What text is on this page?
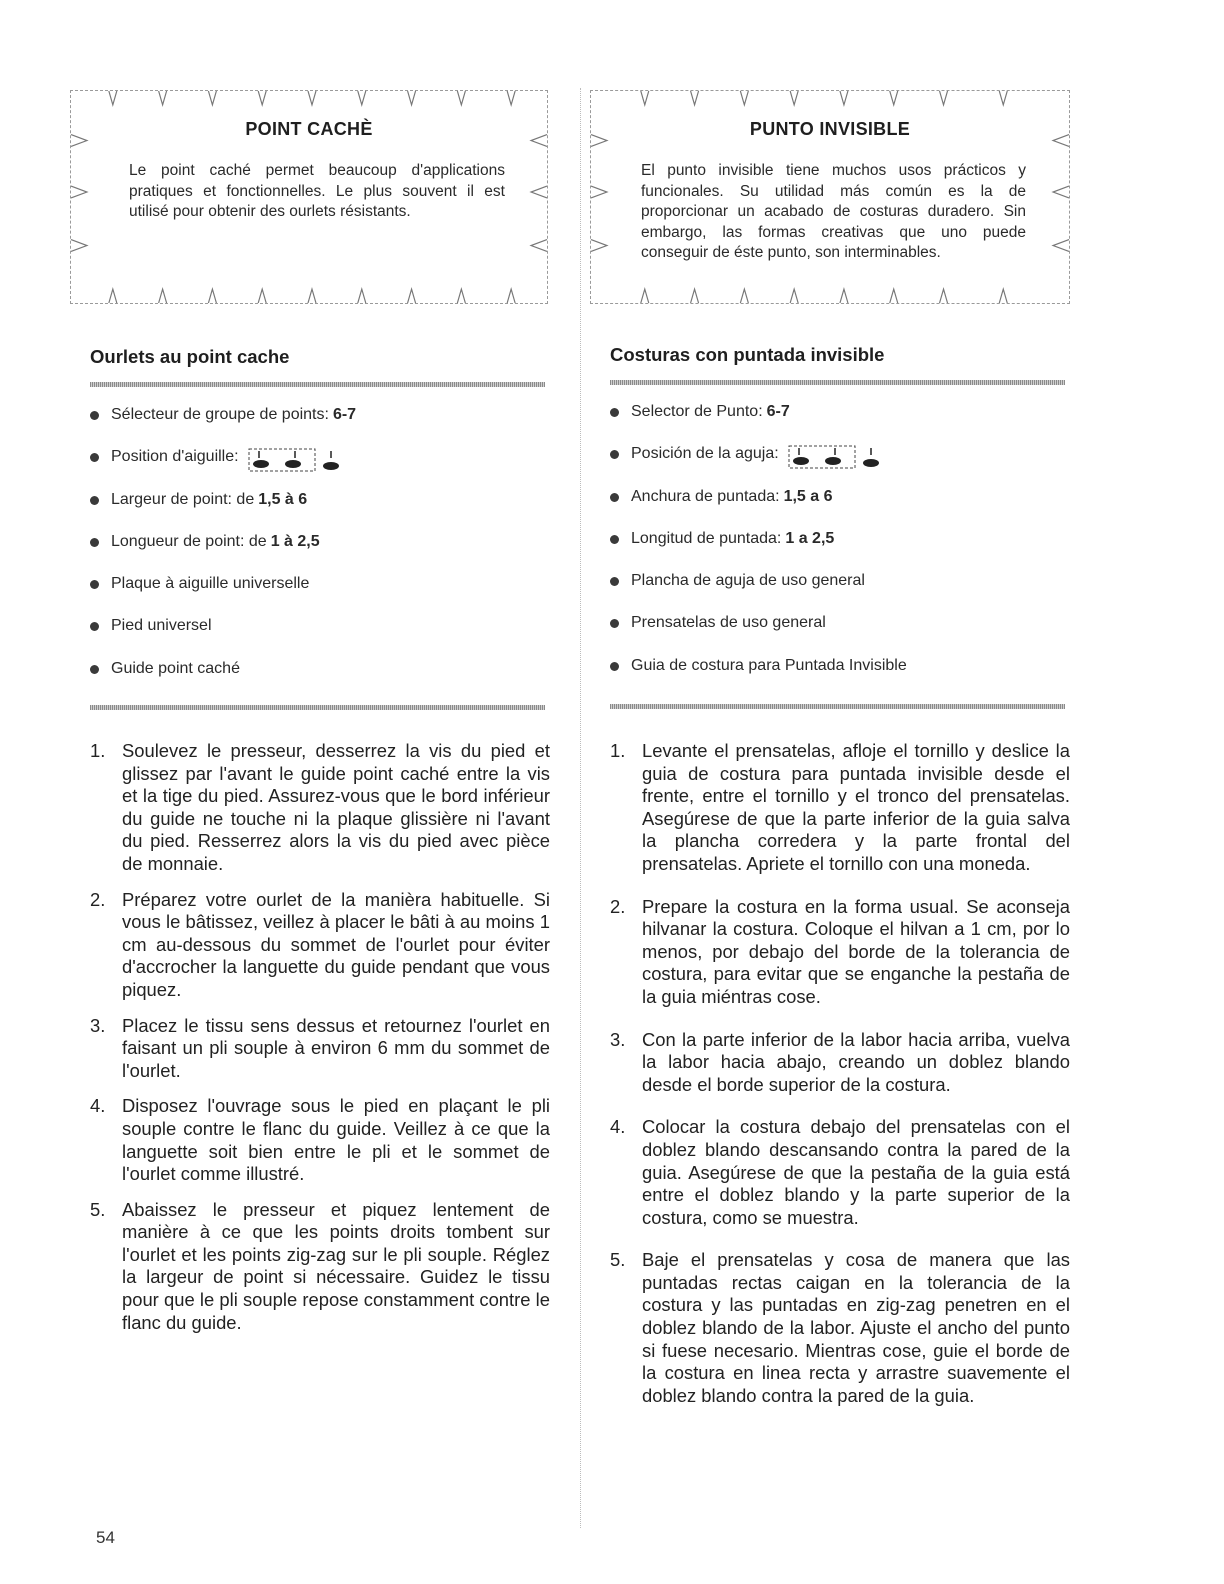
POINT CACHÈ
Le point caché permet beaucoup d'applications pratiques et fonctionnelles. Le plus souvent il est utilisé pour obtenir des ourlets résistants.
Ourlets au point cache
Sélecteur de groupe de points: 6-7
Position d'aiguille:
Largeur de point: de 1,5 à 6
Longueur de point: de 1 à 2,5
Plaque à aiguille universelle
Pied universel
Guide point caché
1. Soulevez le presseur, desserrez la vis du pied et glissez par l'avant le guide point caché entre la vis et la tige du pied. Assurez-vous que le bord inférieur du guide ne touche ni la plaque glissière ni l'avant du pied. Resserrez alors la vis du pied avec pièce de monnaie.
2. Préparez votre ourlet de la manièra habituelle. Si vous le bâtissez, veillez à placer le bâti à au moins 1 cm au-dessous du sommet de l'ourlet pour éviter d'accrocher la languette du guide pendant que vous piquez.
3. Placez le tissu sens dessus et retournez l'ourlet en faisant un pli souple à environ 6 mm du sommet de l'ourlet.
4. Disposez l'ouvrage sous le pied en plaçant le pli souple contre le flanc du guide. Veillez à ce que la languette soit bien entre le pli et le sommet de l'ourlet comme illustré.
5. Abaissez le presseur et piquez lentement de manière à ce que les points droits tombent sur l'ourlet et les points zig-zag sur le pli souple. Réglez la largeur de point si nécessaire. Guidez le tissu pour que le pli souple repose constamment contre le flanc du guide.
PUNTO INVISIBLE
El punto invisible tiene muchos usos prácticos y funcionales. Su utilidad más común es la de proporcionar un acabado de costuras duradero. Sin embargo, las formas creativas que uno puede conseguir de éste punto, son interminables.
Costuras con puntada invisible
Selector de Punto: 6-7
Posición de la aguja:
Anchura de puntada: 1,5 a 6
Longitud de puntada: 1 a 2,5
Plancha de aguja de uso general
Prensatelas de uso general
Guia de costura para Puntada Invisible
1. Levante el prensatelas, afloje el tornillo y deslice la guia de costura para puntada invisible desde el frente, entre el tornillo y el tronco del prensatelas. Asegúrese de que la parte inferior de la guia salva la plancha corredera y la parte frontal del prensatelas. Apriete el tornillo con una moneda.
2. Prepare la costura en la forma usual. Se aconseja hilvanar la costura. Coloque el hilvan a 1 cm, por lo menos, por debajo del borde de la tolerancia de costura, para evitar que se enganche la pestaña de la guia miéntras cose.
3. Con la parte inferior de la labor hacia arriba, vuelva la labor hacia abajo, creando un doblez blando desde el borde superior de la costura.
4. Colocar la costura debajo del prensatelas con el doblez blando descansando contra la pared de la guia. Asegúrese de que la pestaña de la guia está entre el doblez blando y la parte superior de la costura, como se muestra.
5. Baje el prensatelas y cosa de manera que las puntadas rectas caigan en la tolerancia de la costura y las puntadas en zig-zag penetren en el doblez blando de la labor. Ajuste el ancho del punto si fuese necesario. Mientras cose, guie el borde de la costura en linea recta y arrastre suavemente el doblez blando contra la pared de la guia.
54
